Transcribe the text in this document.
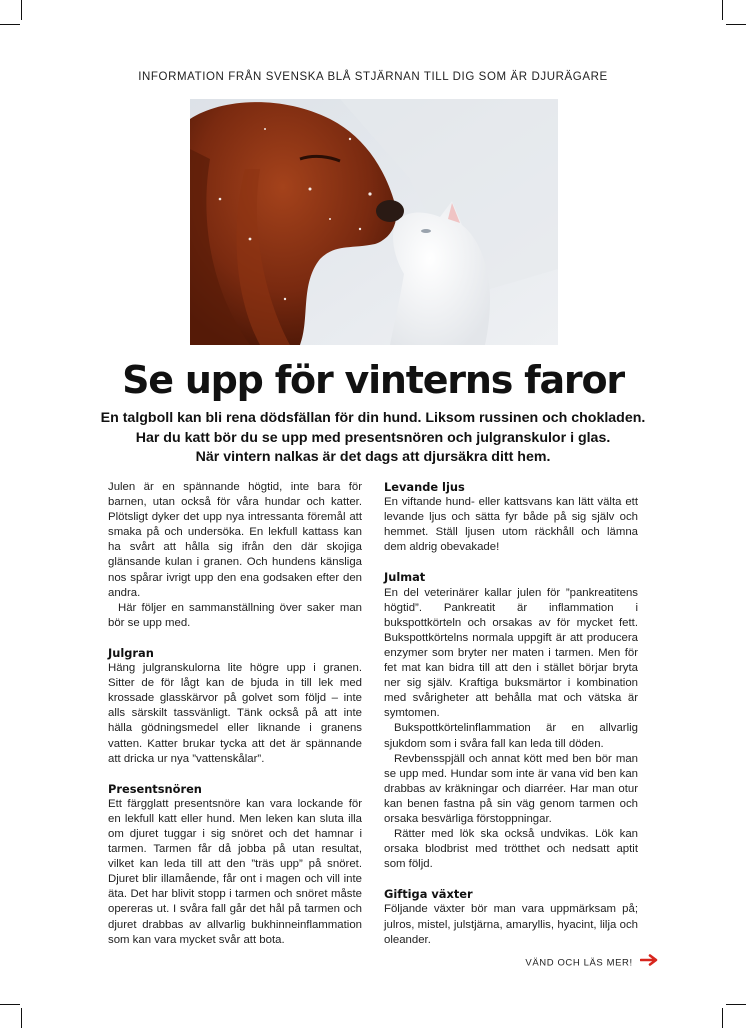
INFORMATION FRÅN SVENSKA BLÅ STJÄRNAN TILL DIG SOM ÄR DJURÄGARE
Se upp för vinterns faror
En talgboll kan bli rena dödsfällan för din hund. Liksom russinen och chokladen.
Har du katt bör du se upp med presentsnören och julgranskulor i glas.
När vintern nalkas är det dags att djursäkra ditt hem.

Julen är en spännande högtid, inte bara för barnen, utan också för våra hundar och katter. Plötsligt dyker det upp nya intressanta föremål att smaka på och undersöka. En lekfull kattass kan ha svårt att hålla sig ifrån den där skojiga glänsande kulan i granen. Och hundens känsliga nos spårar ivrigt upp den ena godsaken efter den andra.

Här följer en sammanställning över saker man bör se upp med.

Julgran

Häng julgranskulorna lite högre upp i granen. Sitter de för lågt kan de bjuda in till lek med krossade glasskärvor på golvet som följd – inte alls särskilt tassvänligt. Tänk också på att inte hälla gödningsmedel eller liknande i granens vatten. Katter brukar tycka att det är spännande att dricka ur nya ”vattenskålar”.

Presentsnören

Ett färgglatt presentsnöre kan vara lockande för en lekfull katt eller hund. Men leken kan sluta illa om djuret tuggar i sig snöret och det hamnar i tarmen. Tarmen får då jobba på utan resultat, vilket kan leda till att den ”träs upp” på snöret. Djuret blir illamående, får ont i magen och vill inte äta. Det har blivit stopp i tarmen och snöret måste opereras ut. I svåra fall går det hål på tarmen och djuret drabbas av allvarlig bukhinneinflammation som kan vara mycket svår att bota.

Levande ljus

En viftande hund- eller kattsvans kan lätt välta ett levande ljus och sätta fyr både på sig själv och hemmet. Ställ ljusen utom räckhåll och lämna dem aldrig obevakade!

Julmat

En del veterinärer kallar julen för ”pankreatitens högtid”. Pankreatit är inflammation i bukspottkörteln och orsakas av för mycket fett. Bukspottkörtelns normala uppgift är att producera enzymer som bryter ner maten i tarmen. Men för fet mat kan bidra till att den i stället börjar bryta ner sig själv. Kraftiga buksmärtor i kombination med svårigheter att behålla mat och vätska är symtomen.

Bukspottkörtelinflammation är en allvarlig sjukdom som i svåra fall kan leda till döden.

Revbensspjäll och annat kött med ben bör man se upp med. Hundar som inte är vana vid ben kan drabbas av kräkningar och diarréer. Har man otur kan benen fastna på sin väg genom tarmen och orsaka besvärliga förstoppningar.

Rätter med lök ska också undvikas. Lök kan orsaka blodbrist med trötthet och nedsatt aptit som följd.

Giftiga växter

Följande växter bör man vara uppmärksam på; julros, mistel, julstjärna, amaryllis, hyacint, lilja och oleander.

VÄND OCH LÄS MER!
